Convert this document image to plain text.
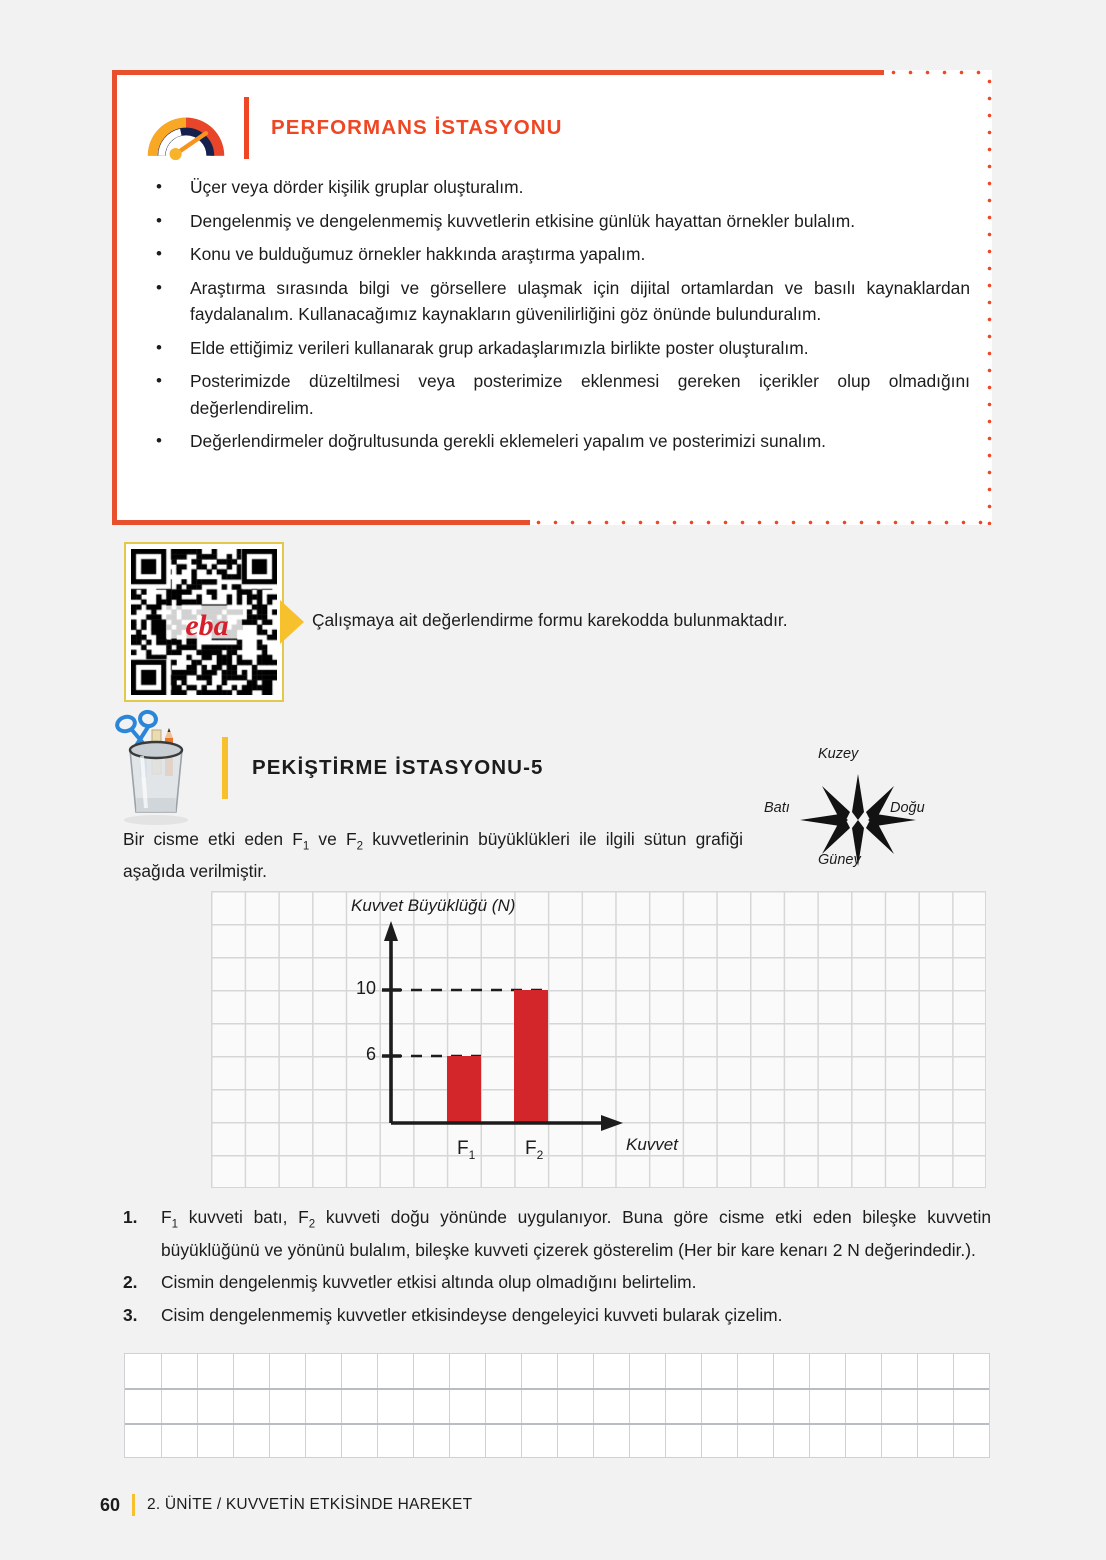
PERFORMANS İSTASYONU
• Üçer veya dörder kişilik gruplar oluşturalım.
• Dengelenmiş ve dengelenmemiş kuvvetlerin etkisine günlük hayattan örnekler bulalım.
• Konu ve bulduğumuz örnekler hakkında araştırma yapalım.
• Araştırma sırasında bilgi ve görsellere ulaşmak için dijital ortamlardan ve basılı kaynaklardan faydalanalım. Kullanacağımız kaynakların güvenilirliğini göz önünde bulunduralım.
• Elde ettiğimiz verileri kullanarak grup arkadaşlarımızla birlikte poster oluşturalım.
• Posterimizde düzeltilmesi veya posterimize eklenmesi gereken içerikler olup olmadığını değerlendirelim.
• Değerlendirmeler doğrultusunda gerekli eklemeleri yapalım ve posterimizi sunalım.
eba	Çalışmaya ait değerlendirme formu karekodda bulunmaktadır.
PEKİŞTİRME İSTASYONU-5
Bir cisme etki eden $F_1$ ve $F_2$ kuvvetlerinin büyüklükleri ile ilgili sütun grafiği aşağıda verilmiştir.
Kuzey
Güney
Batı	Doğu
Kuvvet Büyüklüğü (N)
Kuvvet
10
6
$F_1$	$F_2$
1. $F_1$ kuvveti batı, $F_2$ kuvveti doğu yönünde uygulanıyor. Buna göre cisme etki eden bileşke kuvvetin büyüklüğünü ve yönünü bulalım, bileşke kuvveti çizerek gösterelim (Her bir kare kenarı 2 N değerindedir.).
2. Cismin dengelenmiş kuvvetler etkisi altında olup olmadığını belirtelim.
3. Cisim dengelenmemiş kuvvetler etkisindeyse dengeleyici kuvveti bularak çizelim.
60 2. ÜNİTE / KUVVETİN ETKİSİNDE HAREKET
